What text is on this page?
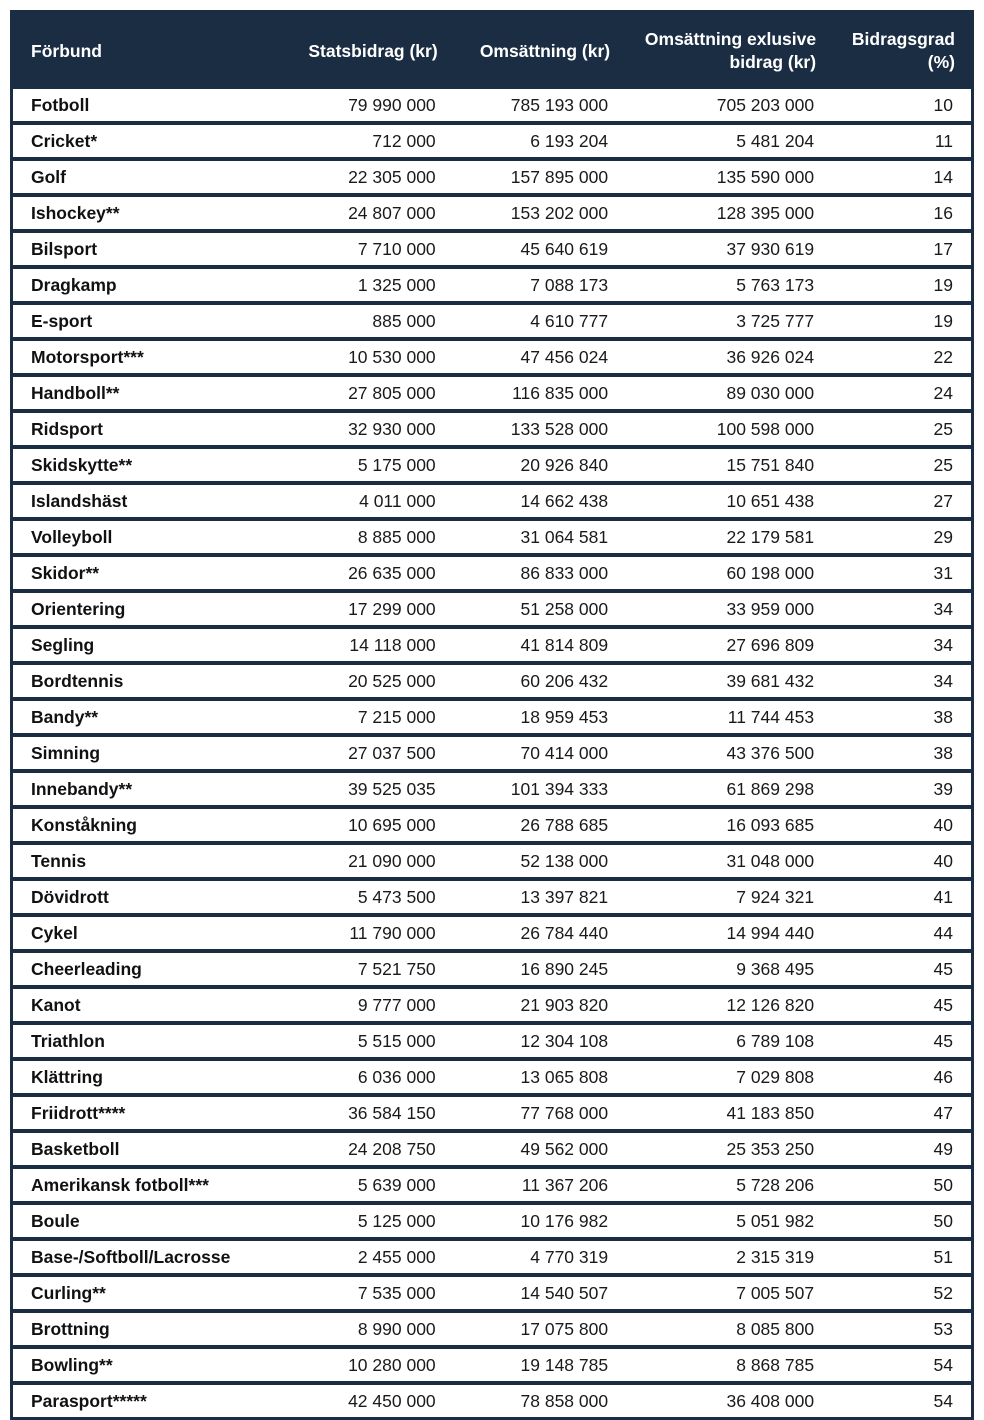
Förbund	Statsbidrag (kr)	Omsättning (kr)	Omsättning exlusive bidrag (kr)	Bidragsgrad (%)
Fotboll	79 990 000	785 193 000	705 203 000	10
Cricket*	712 000	6 193 204	5 481 204	11
Golf	22 305 000	157 895 000	135 590 000	14
Ishockey**	24 807 000	153 202 000	128 395 000	16
Bilsport	7 710 000	45 640 619	37 930 619	17
Dragkamp	1 325 000	7 088 173	5 763 173	19
E-sport	885 000	4 610 777	3 725 777	19
Motorsport***	10 530 000	47 456 024	36 926 024	22
Handboll**	27 805 000	116 835 000	89 030 000	24
Ridsport	32 930 000	133 528 000	100 598 000	25
Skidskytte**	5 175 000	20 926 840	15 751 840	25
Islandshäst	4 011 000	14 662 438	10 651 438	27
Volleyboll	8 885 000	31 064 581	22 179 581	29
Skidor**	26 635 000	86 833 000	60 198 000	31
Orientering	17 299 000	51 258 000	33 959 000	34
Segling	14 118 000	41 814 809	27 696 809	34
Bordtennis	20 525 000	60 206 432	39 681 432	34
Bandy**	7 215 000	18 959 453	11 744 453	38
Simning	27 037 500	70 414 000	43 376 500	38
Innebandy**	39 525 035	101 394 333	61 869 298	39
Konståkning	10 695 000	26 788 685	16 093 685	40
Tennis	21 090 000	52 138 000	31 048 000	40
Dövidrott	5 473 500	13 397 821	7 924 321	41
Cykel	11 790 000	26 784 440	14 994 440	44
Cheerleading	7 521 750	16 890 245	9 368 495	45
Kanot	9 777 000	21 903 820	12 126 820	45
Triathlon	5 515 000	12 304 108	6 789 108	45
Klättring	6 036 000	13 065 808	7 029 808	46
Friidrott****	36 584 150	77 768 000	41 183 850	47
Basketboll	24 208 750	49 562 000	25 353 250	49
Amerikansk fotboll***	5 639 000	11 367 206	5 728 206	50
Boule	5 125 000	10 176 982	5 051 982	50
Base-/Softboll/Lacrosse	2 455 000	4 770 319	2 315 319	51
Curling**	7 535 000	14 540 507	7 005 507	52
Brottning	8 990 000	17 075 800	8 085 800	53
Bowling**	10 280 000	19 148 785	8 868 785	54
Parasport*****	42 450 000	78 858 000	36 408 000	54
